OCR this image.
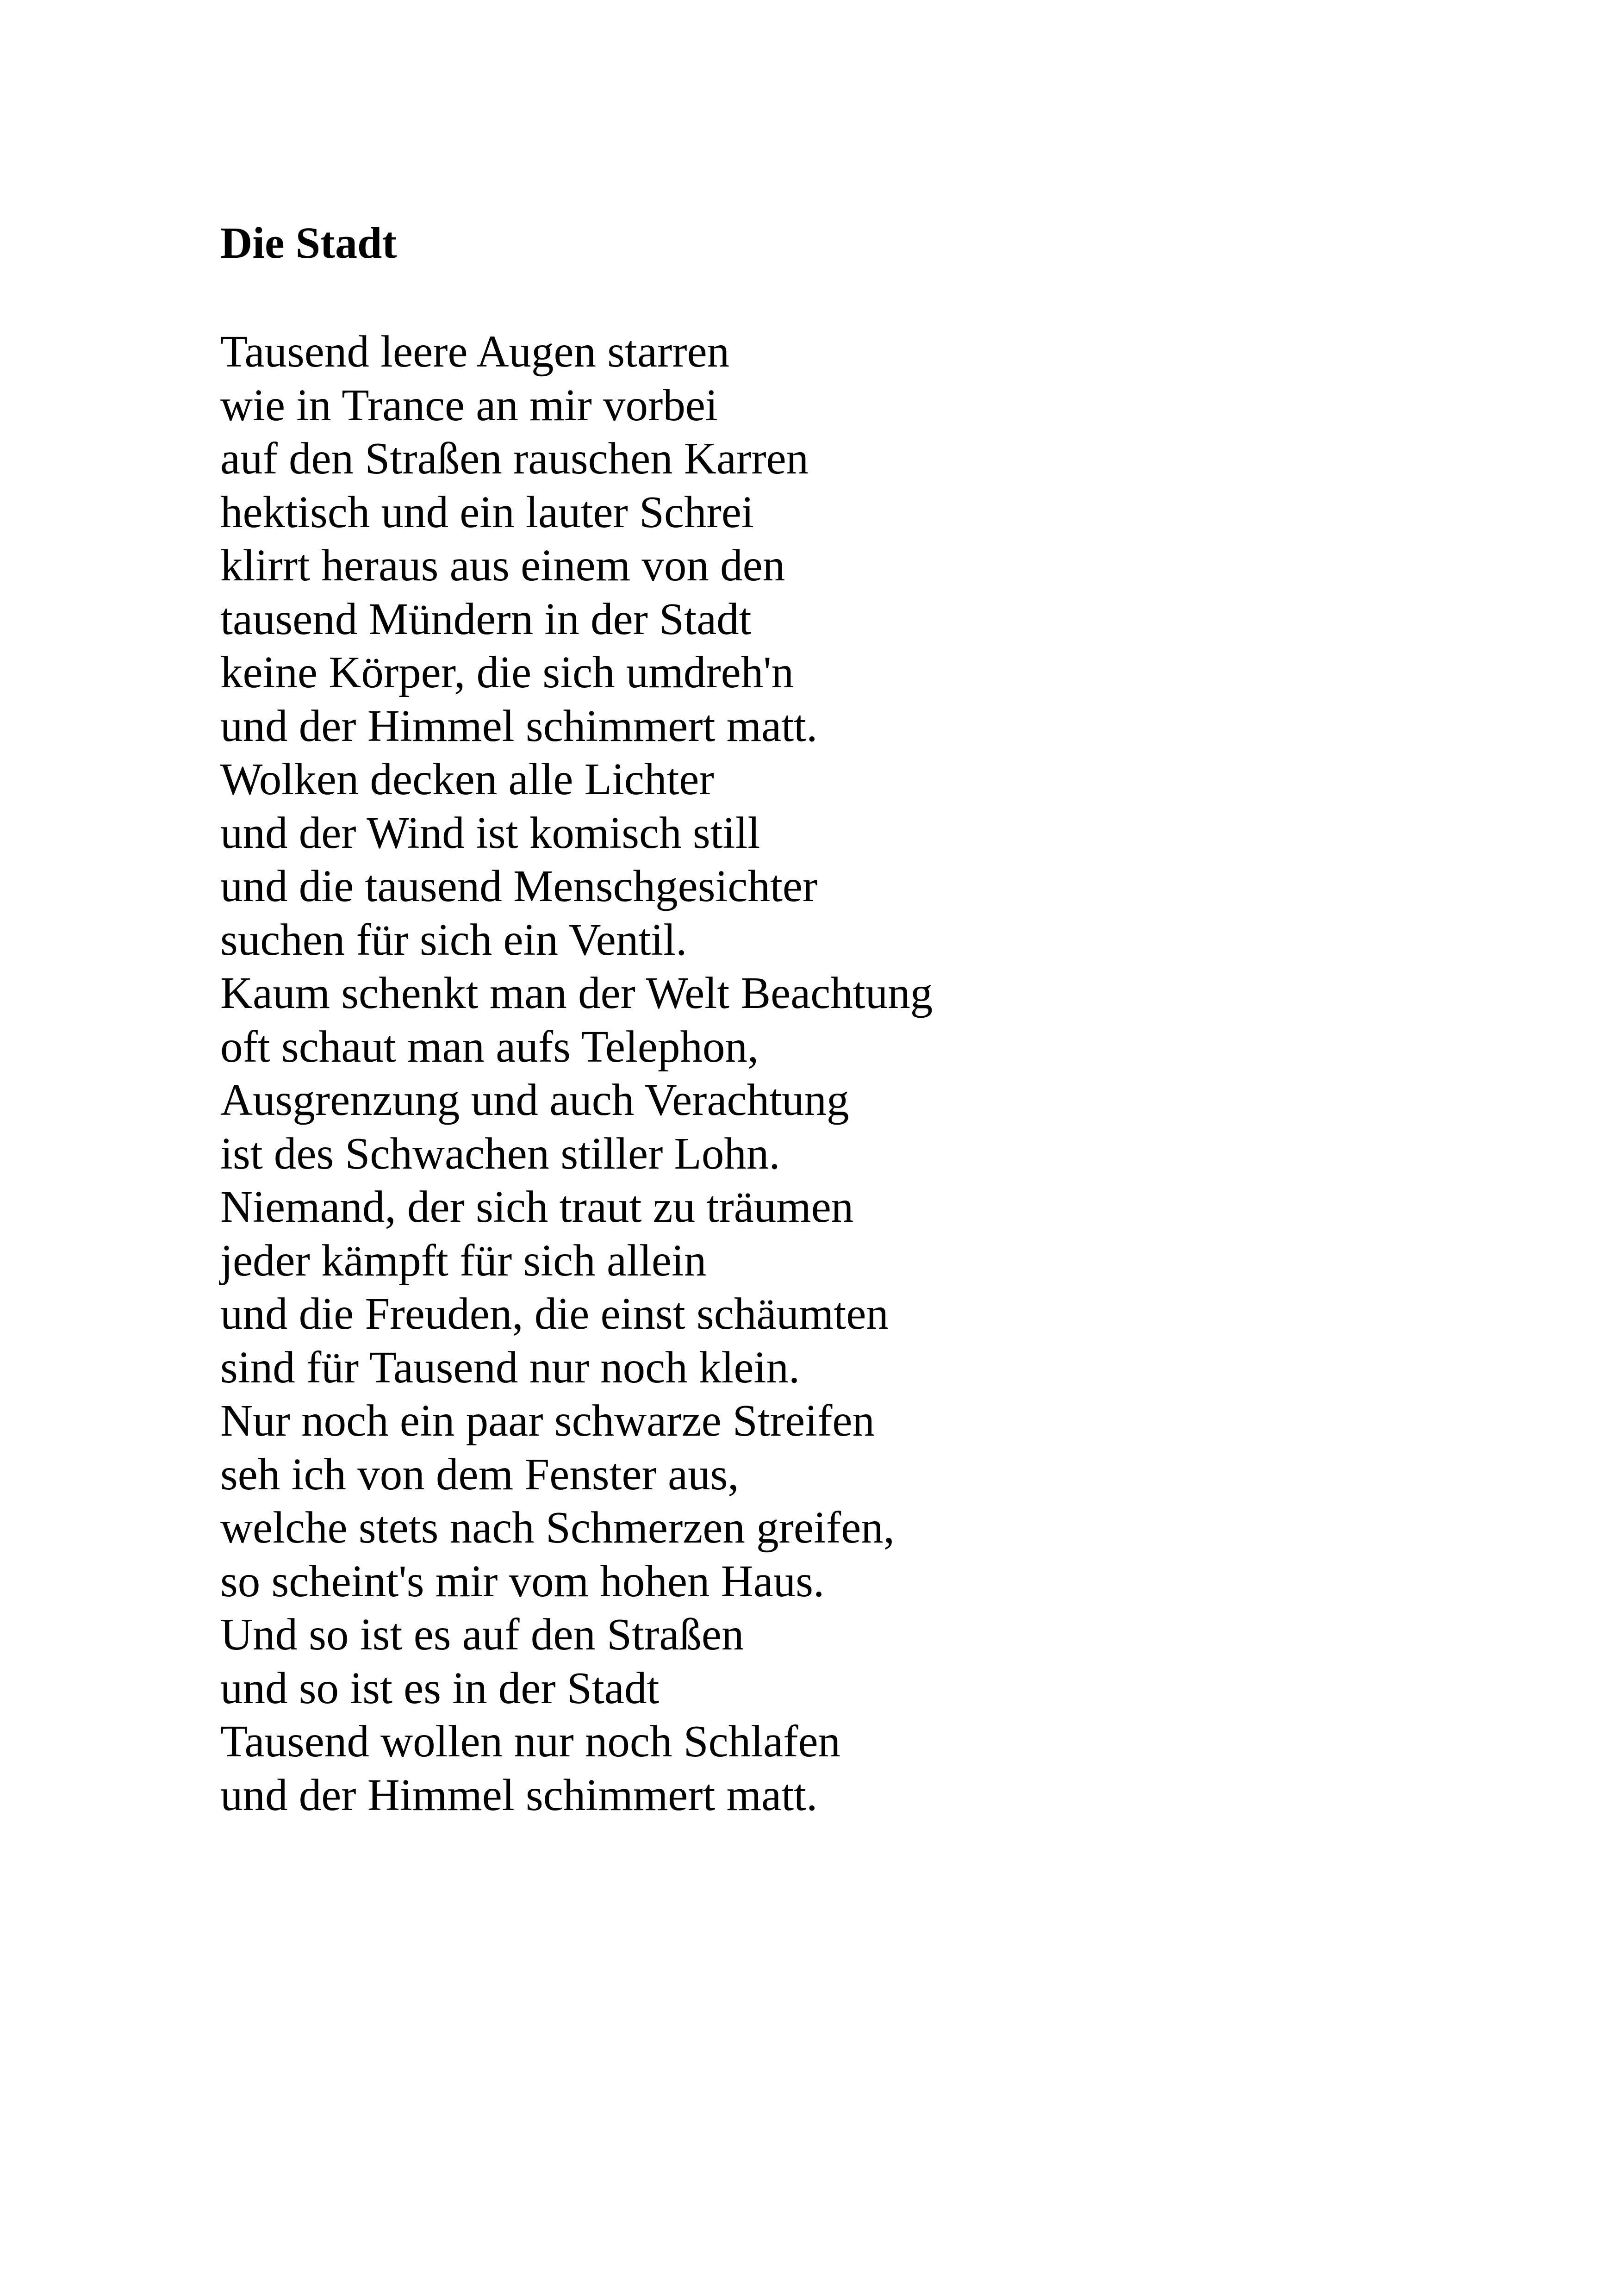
Die Stadt
Tausend leere Augen starren
wie in Trance an mir vorbei
auf den Straßen rauschen Karren
hektisch und ein lauter Schrei
klirrt heraus aus einem von den
tausend Mündern in der Stadt
keine Körper, die sich umdreh'n
und der Himmel schimmert matt.
Wolken decken alle Lichter
und der Wind ist komisch still
und die tausend Menschgesichter
suchen für sich ein Ventil.
Kaum schenkt man der Welt Beachtung
oft schaut man aufs Telephon,
Ausgrenzung und auch Verachtung
ist des Schwachen stiller Lohn.
Niemand, der sich traut zu träumen
jeder kämpft für sich allein
und die Freuden, die einst schäumten
sind für Tausend nur noch klein.
Nur noch ein paar schwarze Streifen
seh ich von dem Fenster aus,
welche stets nach Schmerzen greifen,
so scheint's mir vom hohen Haus.
Und so ist es auf den Straßen
und so ist es in der Stadt
Tausend wollen nur noch Schlafen
und der Himmel schimmert matt.
